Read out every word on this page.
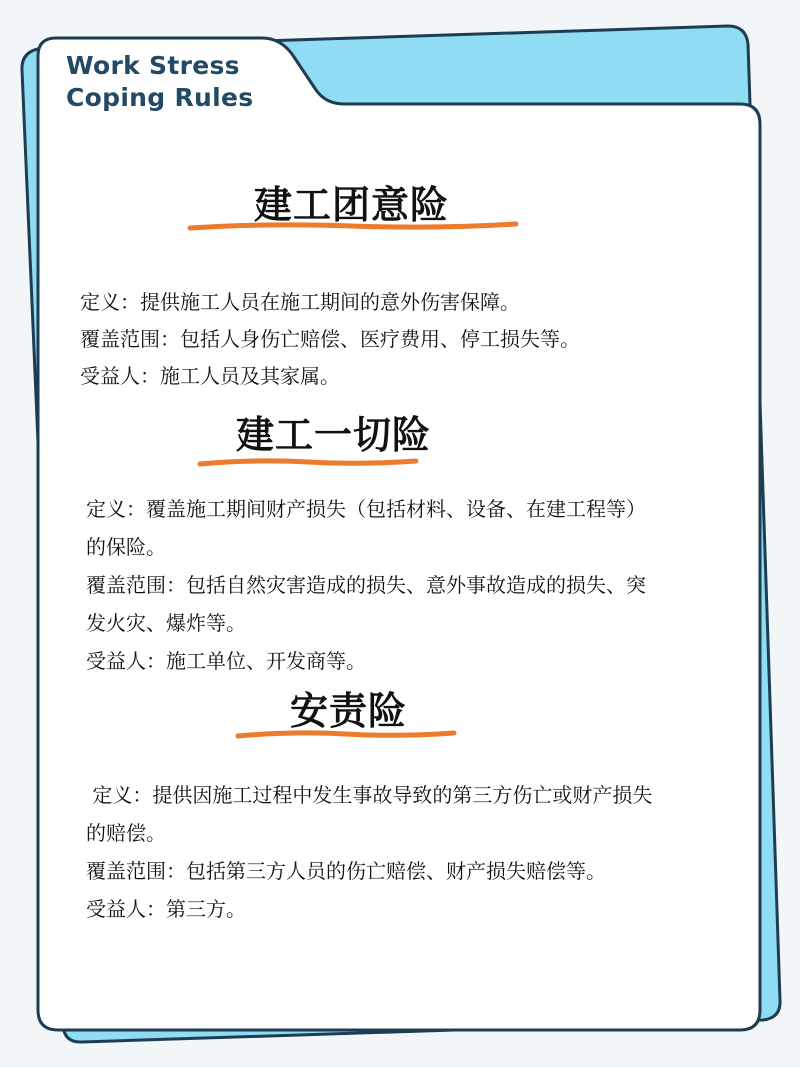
Work Stress
Coping Rules
建工团意险

定义：提供施工人员在施工期间的意外伤害保障。

覆盖范围：包括人身伤亡赔偿、医疗费用、停工损失等。

受益人：施工人员及其家属。

建工一切险

定义：覆盖施工期间财产损失（包括材料、设备、在建工程等）

的保险。

覆盖范围：包括自然灾害造成的损失、意外事故造成的损失、突

发火灾、爆炸等。

受益人：施工单位、开发商等。

安责险

定义：提供因施工过程中发生事故导致的第三方伤亡或财产损失

的赔偿。

覆盖范围：包括第三方人员的伤亡赔偿、财产损失赔偿等。

受益人：第三方。
